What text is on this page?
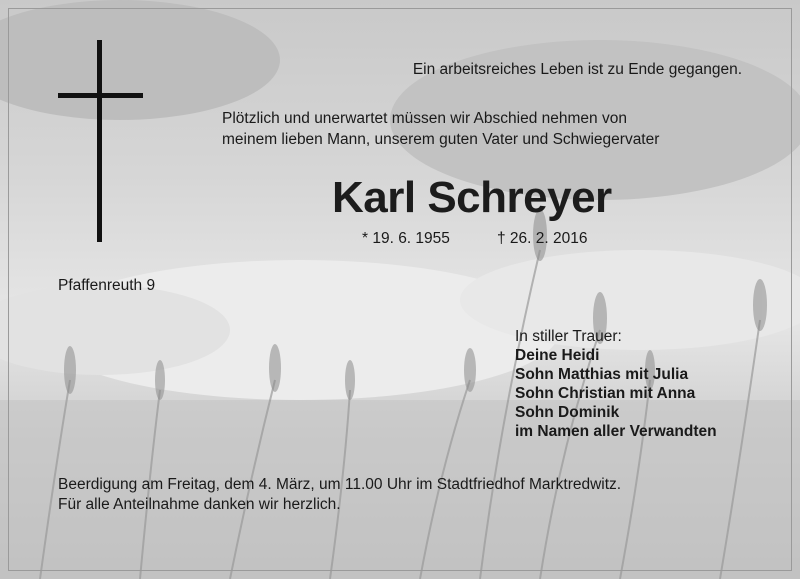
Ein arbeitsreiches Leben ist zu Ende gegangen.

Plötzlich und unerwartet müssen wir Abschied nehmen von
meinem lieben Mann, unserem guten Vater und Schwiegervater

Karl Schreyer

* 19. 6. 1955	† 26. 2. 2016

Pfaffenreuth 9

In stiller Trauer:
Deine Heidi
Sohn Matthias mit Julia
Sohn Christian mit Anna
Sohn Dominik
im Namen aller Verwandten
Beerdigung am Freitag, dem 4. März, um 11.00 Uhr im Stadtfriedhof Marktredwitz.
Für alle Anteilnahme danken wir herzlich.
